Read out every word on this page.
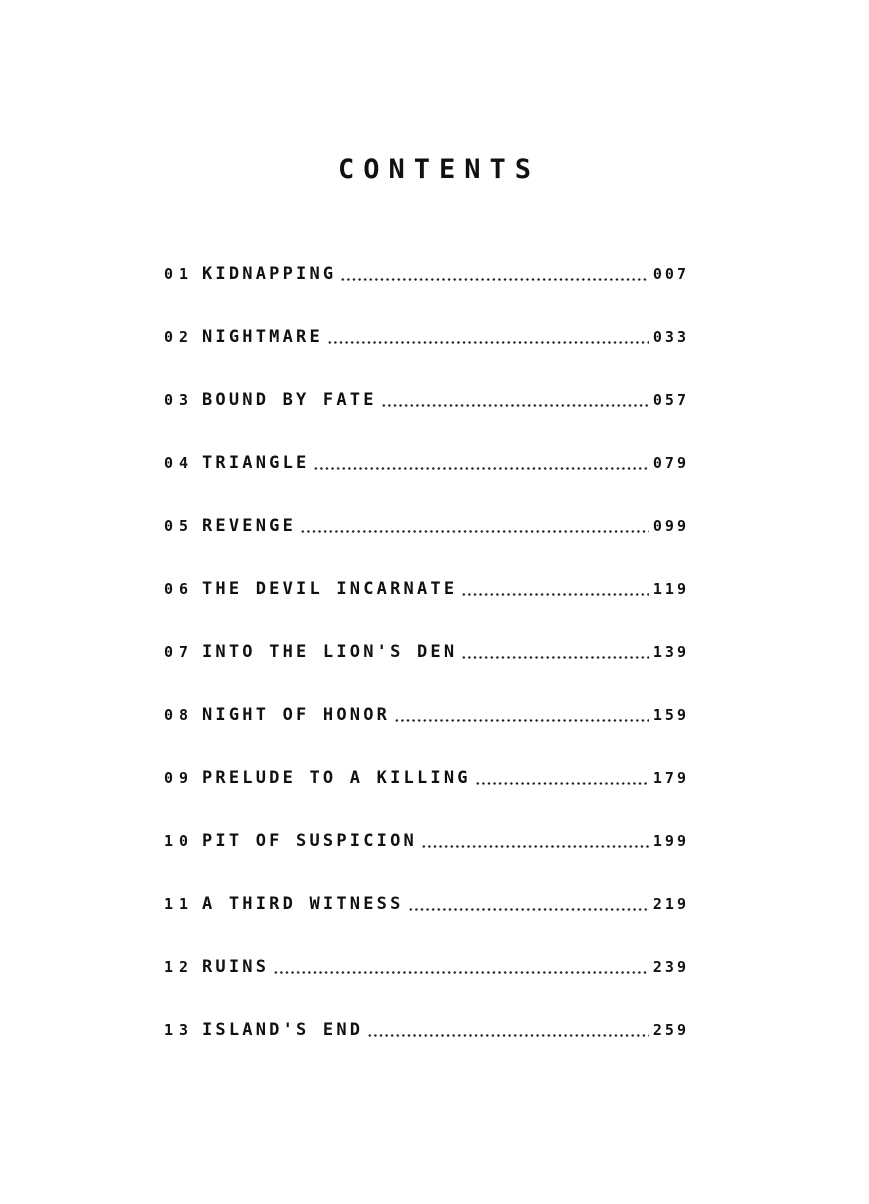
CONTENTS
01 KIDNAPPING	007
02 NIGHTMARE	033
03 BOUND BY FATE	057
04 TRIANGLE	079
05 REVENGE	099
06 THE DEVIL INCARNATE	119
07 INTO THE LION'S DEN	139
08 NIGHT OF HONOR	159
09 PRELUDE TO A KILLING	179
10 PIT OF SUSPICION	199
11 A THIRD WITNESS	219
12 RUINS	239
13 ISLAND'S END	259
